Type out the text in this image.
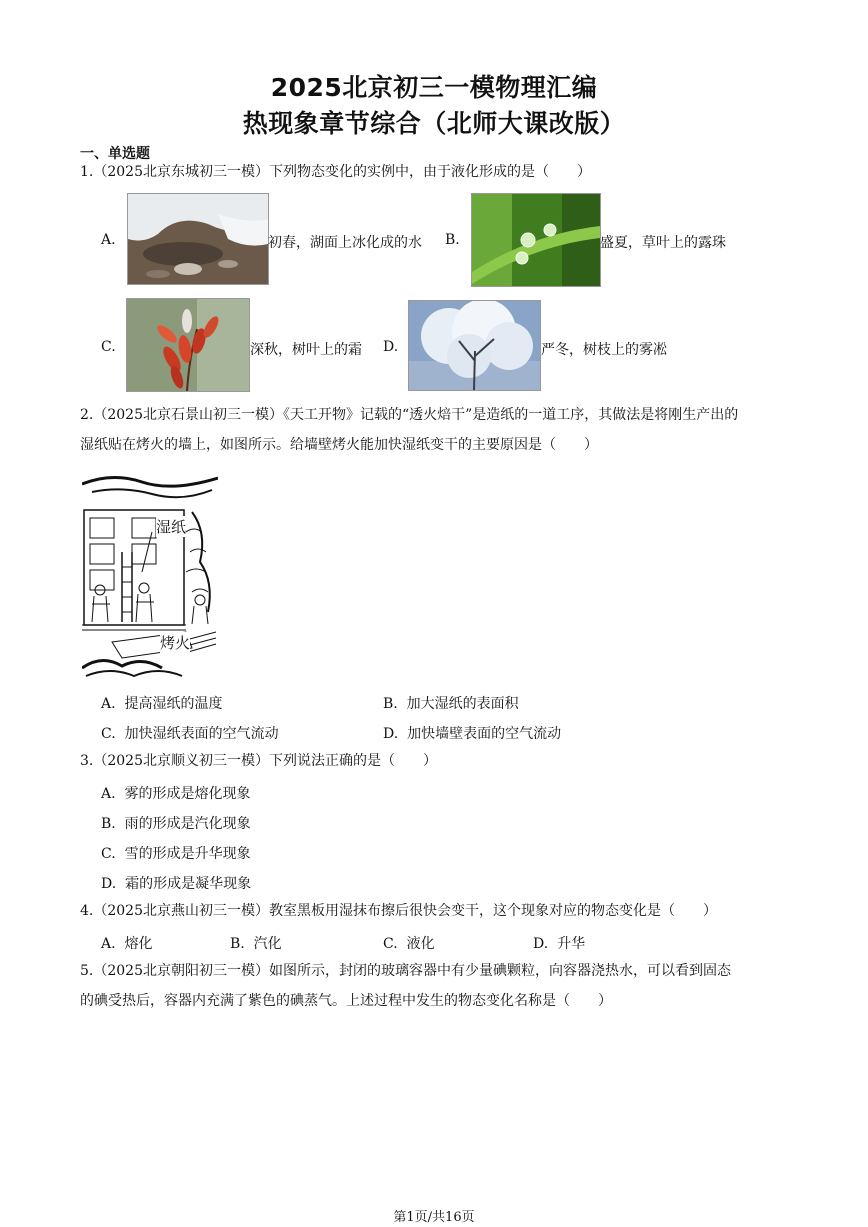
2025北京初三一模物理汇编
热现象章节综合（北师大课改版）
一、单选题
1.（2025北京东城初三一模）下列物态变化的实例中，由于液化形成的是（　　）
A.	初春，湖面上冰化成的水 B.	盛夏，草叶上的露珠
C.	深秋，树叶上的霜 D.	严冬，树枝上的雾凇
2.（2025北京石景山初三一模）《天工开物》记载的“透火焙干”是造纸的一道工序，其做法是将刚生产出的
湿纸贴在烤火的墙上，如图所示。给墙壁烤火能加快湿纸变干的主要原因是（　　）
湿纸
烤火
A. 提高湿纸的温度	B. 加大湿纸的表面积
C. 加快湿纸表面的空气流动	D. 加快墙壁表面的空气流动
3.（2025北京顺义初三一模）下列说法正确的是（　　）
A. 雾的形成是熔化现象
B. 雨的形成是汽化现象
C. 雪的形成是升华现象
D. 霜的形成是凝华现象
4.（2025北京燕山初三一模）教室黑板用湿抹布擦后很快会变干，这个现象对应的物态变化是（　　）
A. 熔化	B. 汽化	C. 液化	D. 升华
5.（2025北京朝阳初三一模）如图所示，封闭的玻璃容器中有少量碘颗粒，向容器浇热水，可以看到固态
的碘受热后，容器内充满了紫色的碘蒸气。上述过程中发生的物态变化名称是（　　）
第1页/共16页
